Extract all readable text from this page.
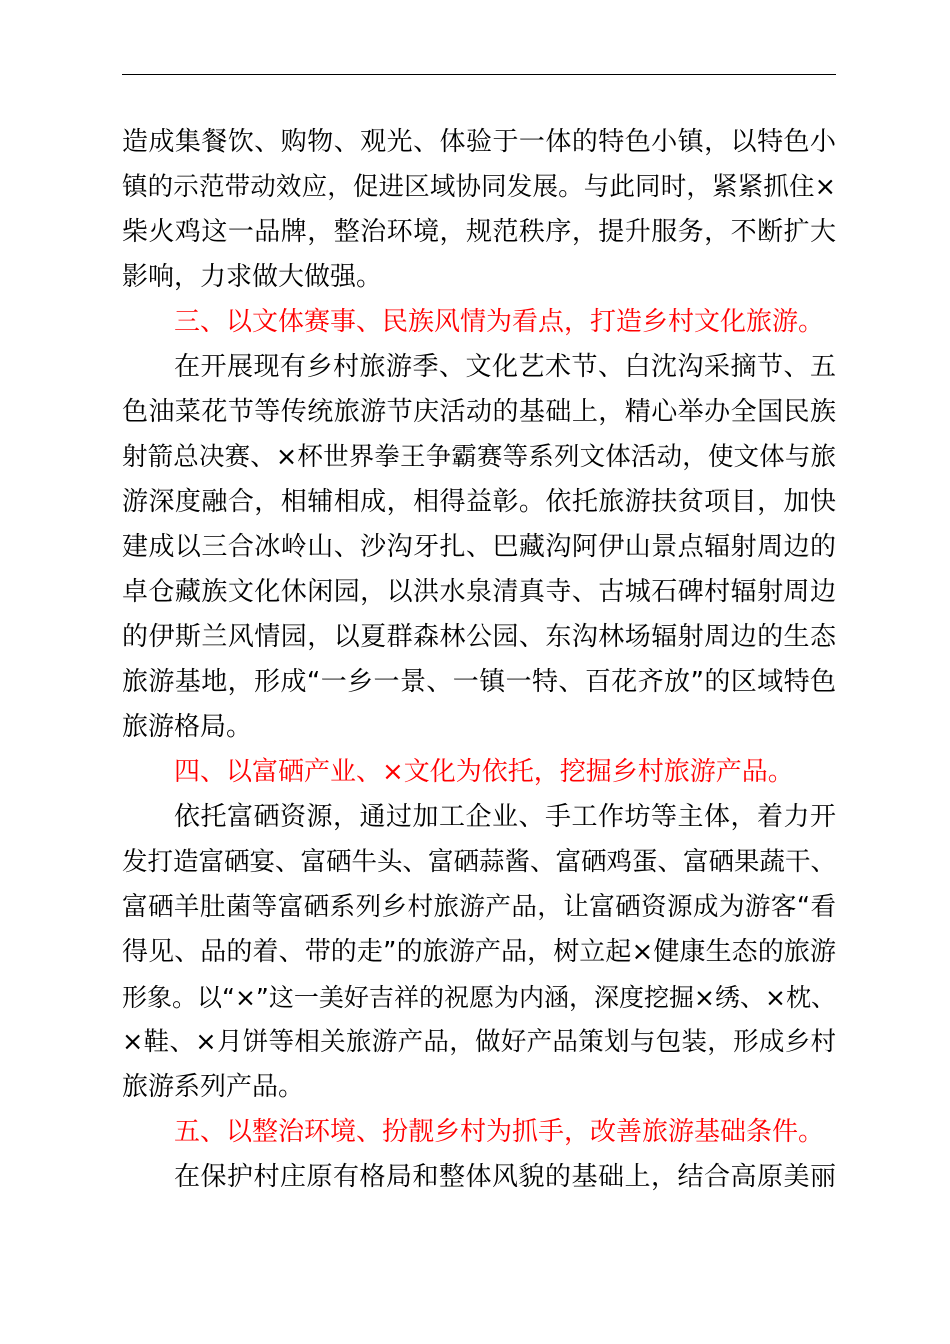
造成集餐饮、购物、观光、体验于一体的特色小镇，以特色小
镇的示范带动效应，促进区域协同发展。与此同时，紧紧抓住×
柴火鸡这一品牌，整治环境，规范秩序，提升服务，不断扩大
影响，力求做大做强。
三、以文体赛事、民族风情为看点，打造乡村文化旅游。
在开展现有乡村旅游季、文化艺术节、白沈沟采摘节、五
色油菜花节等传统旅游节庆活动的基础上，精心举办全国民族
射箭总决赛、×杯世界拳王争霸赛等系列文体活动，使文体与旅
游深度融合，相辅相成，相得益彰。依托旅游扶贫项目，加快
建成以三合冰岭山、沙沟牙扎、巴藏沟阿伊山景点辐射周边的
卓仓藏族文化休闲园，以洪水泉清真寺、古城石碑村辐射周边
的伊斯兰风情园，以夏群森林公园、东沟林场辐射周边的生态
旅游基地，形成“一乡一景、一镇一特、百花齐放”的区域特色
旅游格局。
四、以富硒产业、×文化为依托，挖掘乡村旅游产品。
依托富硒资源，通过加工企业、手工作坊等主体，着力开
发打造富硒宴、富硒牛头、富硒蒜酱、富硒鸡蛋、富硒果蔬干、
富硒羊肚菌等富硒系列乡村旅游产品，让富硒资源成为游客“看
得见、品的着、带的走”的旅游产品，树立起×健康生态的旅游
形象。以“×”这一美好吉祥的祝愿为内涵，深度挖掘×绣、×枕、
×鞋、×月饼等相关旅游产品，做好产品策划与包装，形成乡村
旅游系列产品。
五、以整治环境、扮靓乡村为抓手，改善旅游基础条件。
在保护村庄原有格局和整体风貌的基础上，结合高原美丽
